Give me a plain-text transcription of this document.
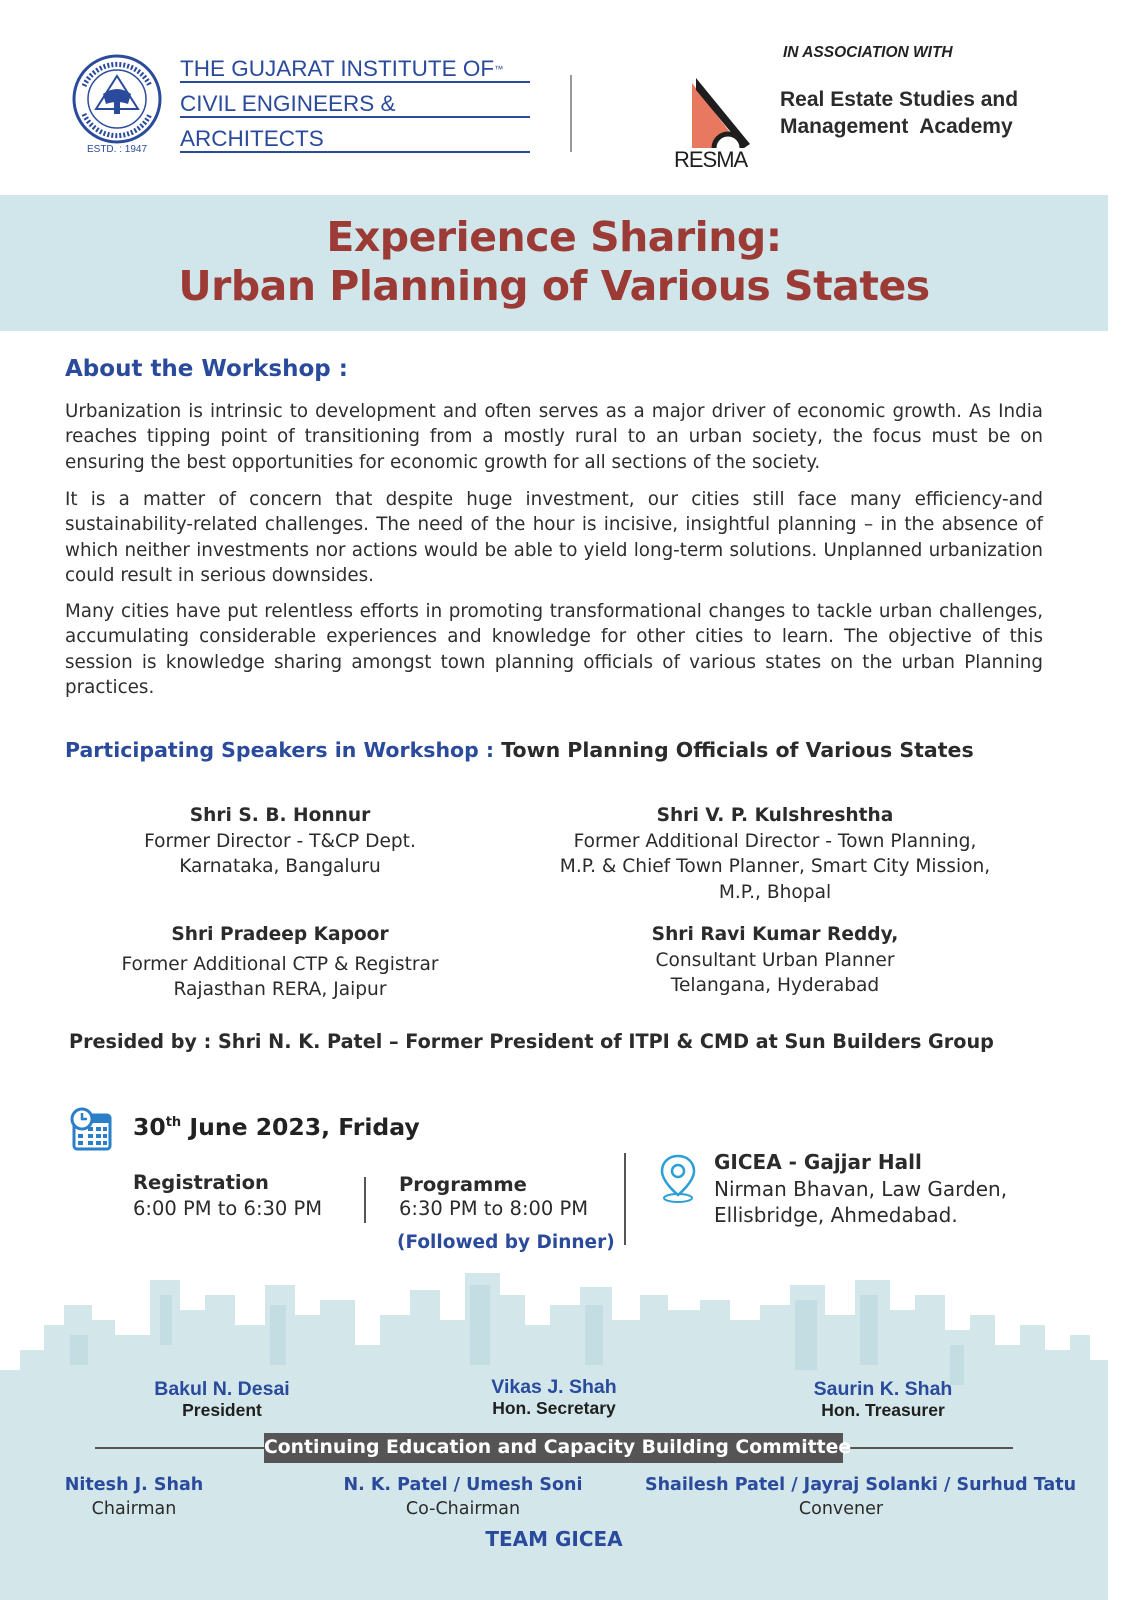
ESTD. : 1947
THE GUJARAT INSTITUTE OF™
CIVIL ENGINEERS &
ARCHITECTS
IN ASSOCIATION WITH
RESMA
Real Estate Studies and
Management  Academy
Experience Sharing:
Urban Planning of Various States
About the Workshop :
Urbanization is intrinsic to development and often serves as a major driver of economic growth. As India reaches tipping point of transitioning from a mostly rural to an urban society, the focus must be on ensuring the best opportunities for economic growth for all sections of the society.
It is a matter of concern that despite huge investment, our cities still face many efficiency-and sustainability-related challenges. The need of the hour is incisive, insightful planning – in the absence of which neither investments nor actions would be able to yield long-term solutions. Unplanned urbanization could result in serious downsides.
Many cities have put relentless efforts in promoting transformational changes to tackle urban challenges, accumulating considerable experiences and knowledge for other cities to learn. The objective of this session is knowledge sharing amongst town planning officials of various states on the urban Planning practices.
Participating Speakers in Workshop : Town Planning Officials of Various States
Shri S. B. Honnur
Former Director - T&CP Dept.
Karnataka, Bangaluru
Shri V. P. Kulshreshtha
Former Additional Director - Town Planning,
M.P. & Chief Town Planner, Smart City Mission,
M.P., Bhopal
Shri Pradeep Kapoor
Former Additional CTP & Registrar
Rajasthan RERA, Jaipur
Shri Ravi Kumar Reddy,
Consultant Urban Planner
Telangana, Hyderabad
Presided by : Shri N. K. Patel – Former President of ITPI & CMD at Sun Builders Group
30th June 2023, Friday
Registration
6:00 PM to 6:30 PM
Programme
6:30 PM to 8:00 PM
(Followed by Dinner)
GICEA - Gajjar Hall
Nirman Bhavan, Law Garden,
Ellisbridge, Ahmedabad.
Bakul N. Desai
President
Vikas J. Shah
Hon. Secretary
Saurin K. Shah
Hon. Treasurer
Continuing Education and Capacity Building Committee
Nitesh J. Shah
Chairman
N. K. Patel / Umesh Soni
Co-Chairman
Shailesh Patel / Jayraj Solanki / Surhud Tatu
Convener
TEAM GICEA
